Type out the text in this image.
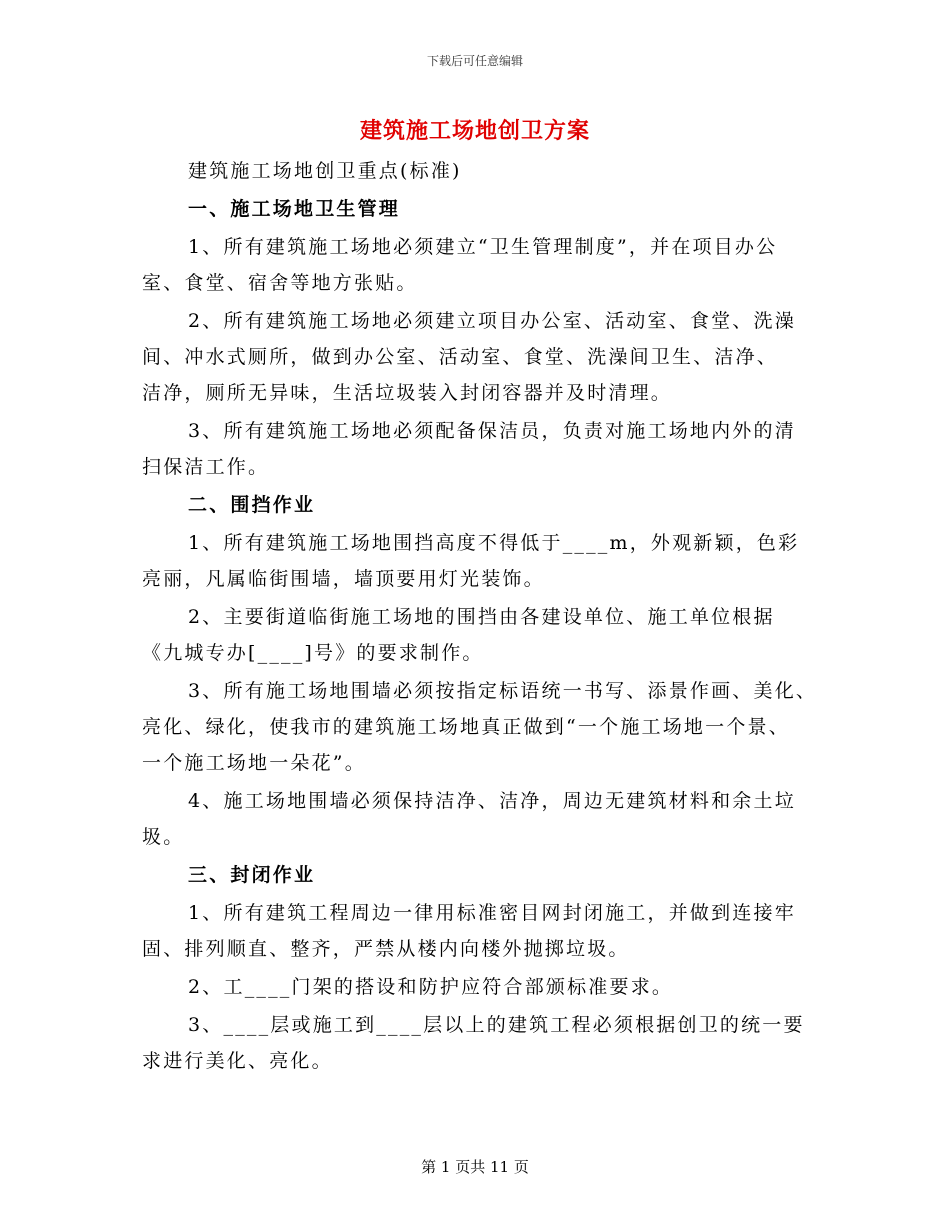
下载后可任意编辑
建筑施工场地创卫方案
建筑施工场地创卫重点(标准)
一、施工场地卫生管理
1、所有建筑施工场地必须建立“卫生管理制度”，并在项目办公
室、食堂、宿舍等地方张贴。
2、所有建筑施工场地必须建立项目办公室、活动室、食堂、洗澡
间、冲水式厕所，做到办公室、活动室、食堂、洗澡间卫生、洁净、
洁净，厕所无异味，生活垃圾装入封闭容器并及时清理。
3、所有建筑施工场地必须配备保洁员，负责对施工场地内外的清
扫保洁工作。
二、围挡作业
1、所有建筑施工场地围挡高度不得低于____m，外观新颖，色彩
亮丽，凡属临街围墙，墙顶要用灯光装饰。
2、主要街道临街施工场地的围挡由各建设单位、施工单位根据
《九城专办[____]号》的要求制作。
3、所有施工场地围墙必须按指定标语统一书写、添景作画、美化、
亮化、绿化，使我市的建筑施工场地真正做到“一个施工场地一个景、
一个施工场地一朵花”。
4、施工场地围墙必须保持洁净、洁净，周边无建筑材料和余土垃
圾。
三、封闭作业
1、所有建筑工程周边一律用标准密目网封闭施工，并做到连接牢
固、排列顺直、整齐，严禁从楼内向楼外抛掷垃圾。
2、工____门架的搭设和防护应符合部颁标准要求。
3、____层或施工到____层以上的建筑工程必须根据创卫的统一要
求进行美化、亮化。
第 1 页共 11 页
